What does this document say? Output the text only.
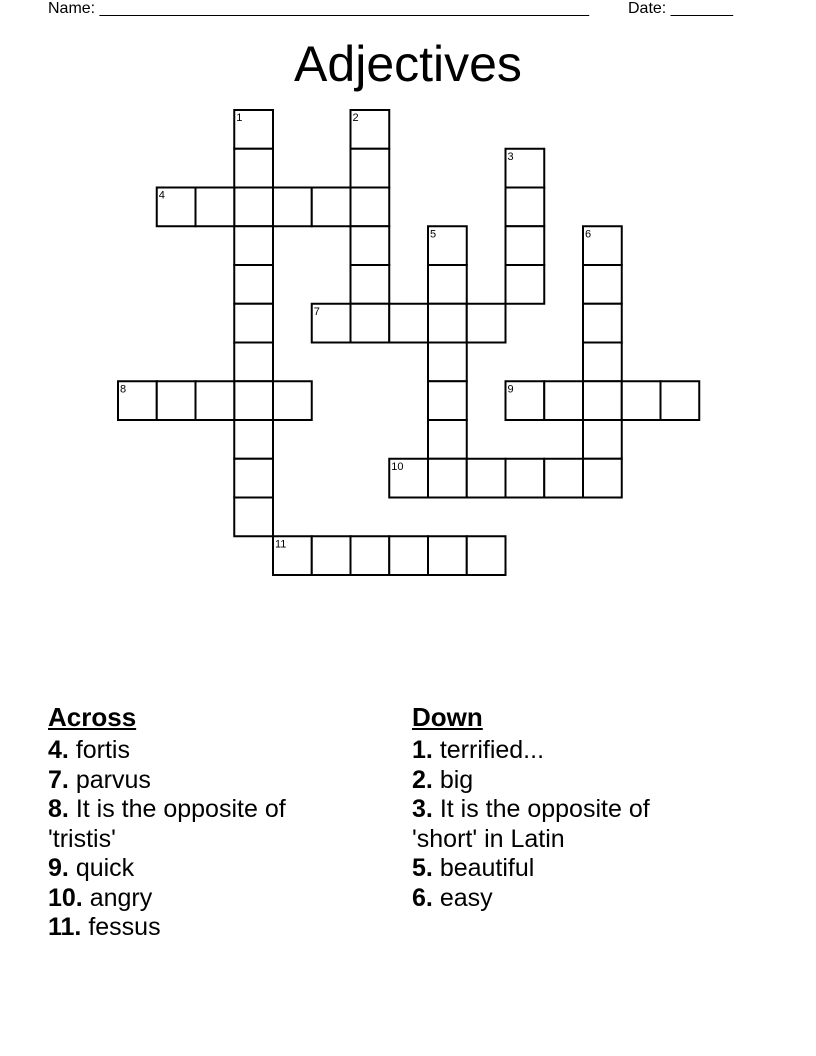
Name: _______________________________________________________ Date: _______
Adjectives
1	2
3
4
5	6
7
8	9
10
11
Across

4. fortis

7. parvus

8. It is the opposite of 'tristis'

9. quick

10. angry

11. fessus

Down

1. terrified...

2. big

3. It is the opposite of 'short' in Latin

5. beautiful

6. easy
